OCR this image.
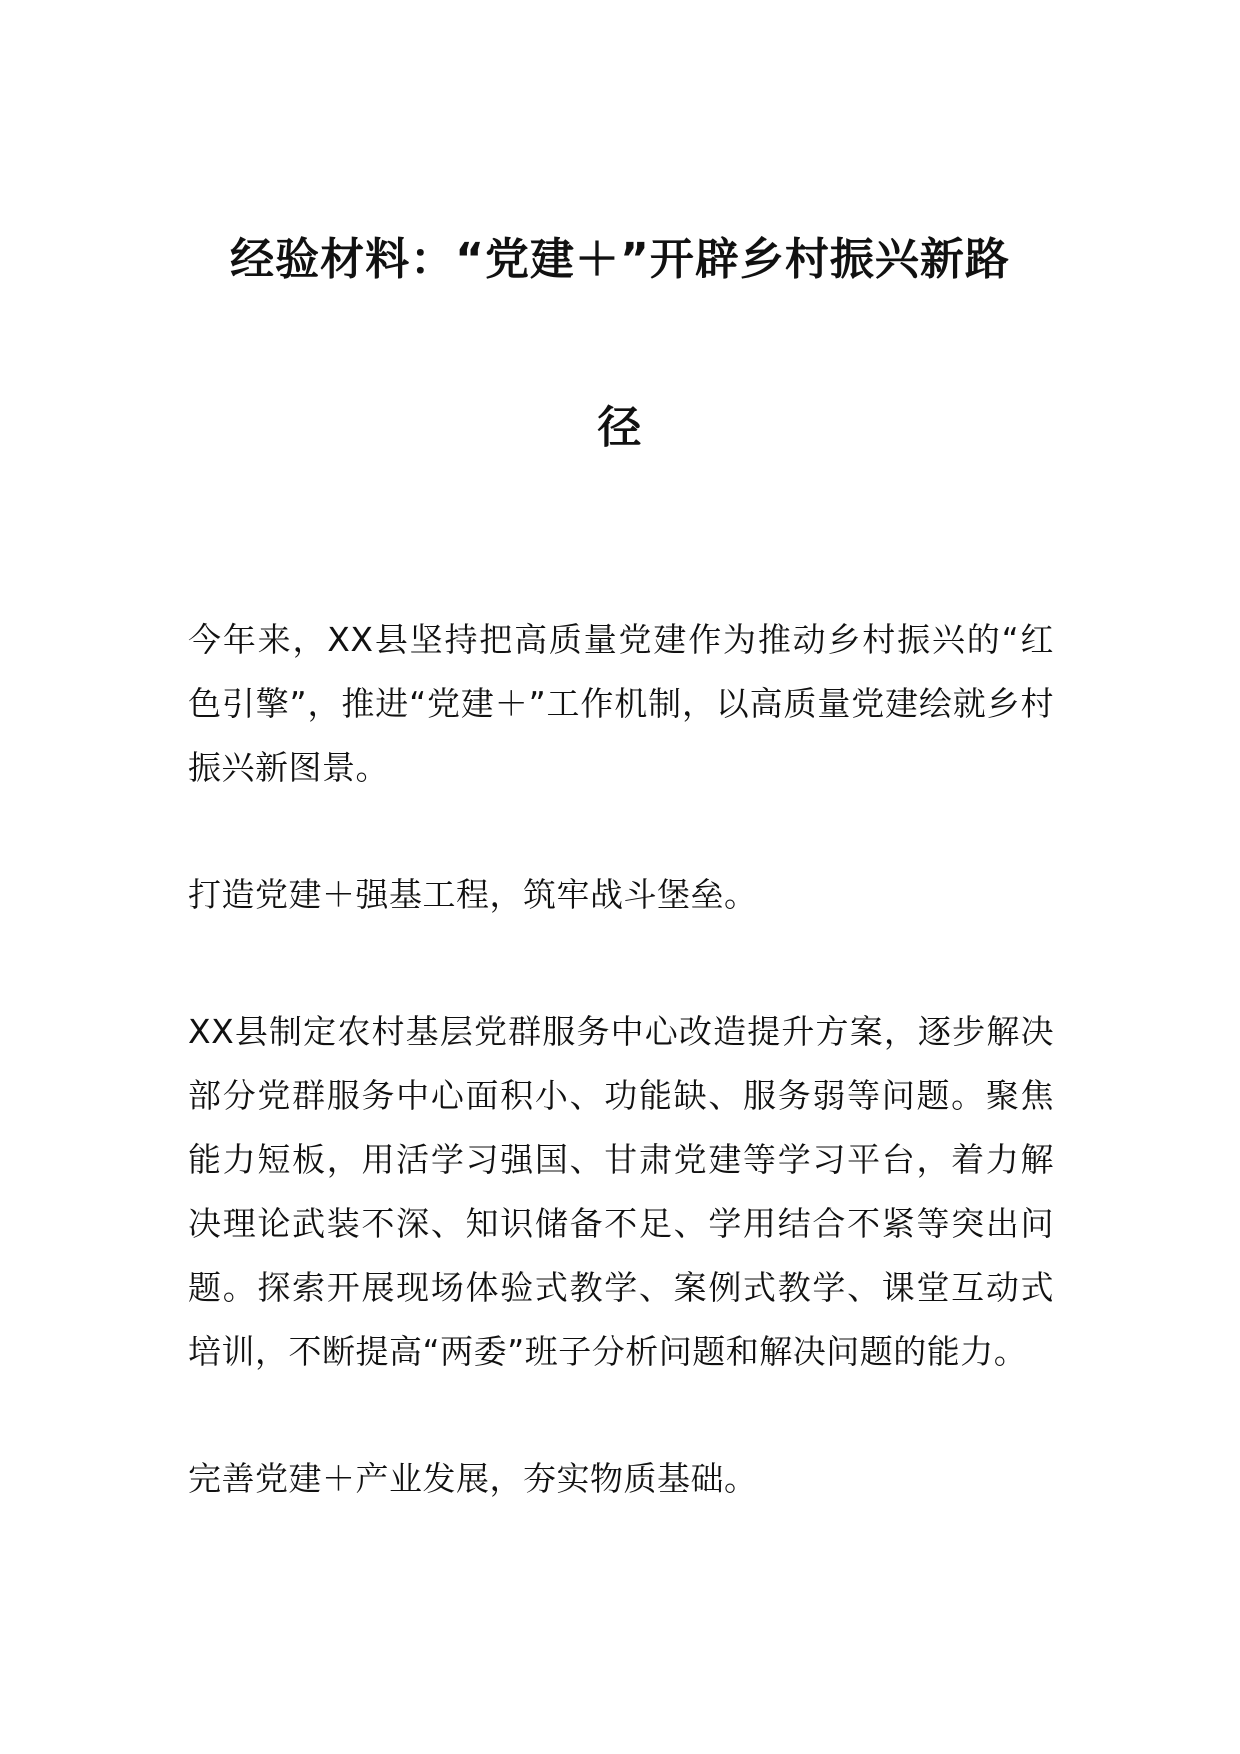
经验材料：“党建＋”开辟乡村振兴新路
径

今年来，XX县坚持把高质量党建作为推动乡村振兴的“红色引擎”，推进“党建＋”工作机制，以高质量党建绘就乡村振兴新图景。

打造党建＋强基工程，筑牢战斗堡垒。

XX县制定农村基层党群服务中心改造提升方案，逐步解决部分党群服务中心面积小、功能缺、服务弱等问题。聚焦能力短板，用活学习强国、甘肃党建等学习平台，着力解决理论武装不深、知识储备不足、学用结合不紧等突出问题。探索开展现场体验式教学、案例式教学、课堂互动式培训，不断提高“两委”班子分析问题和解决问题的能力。

完善党建＋产业发展，夯实物质基础。
